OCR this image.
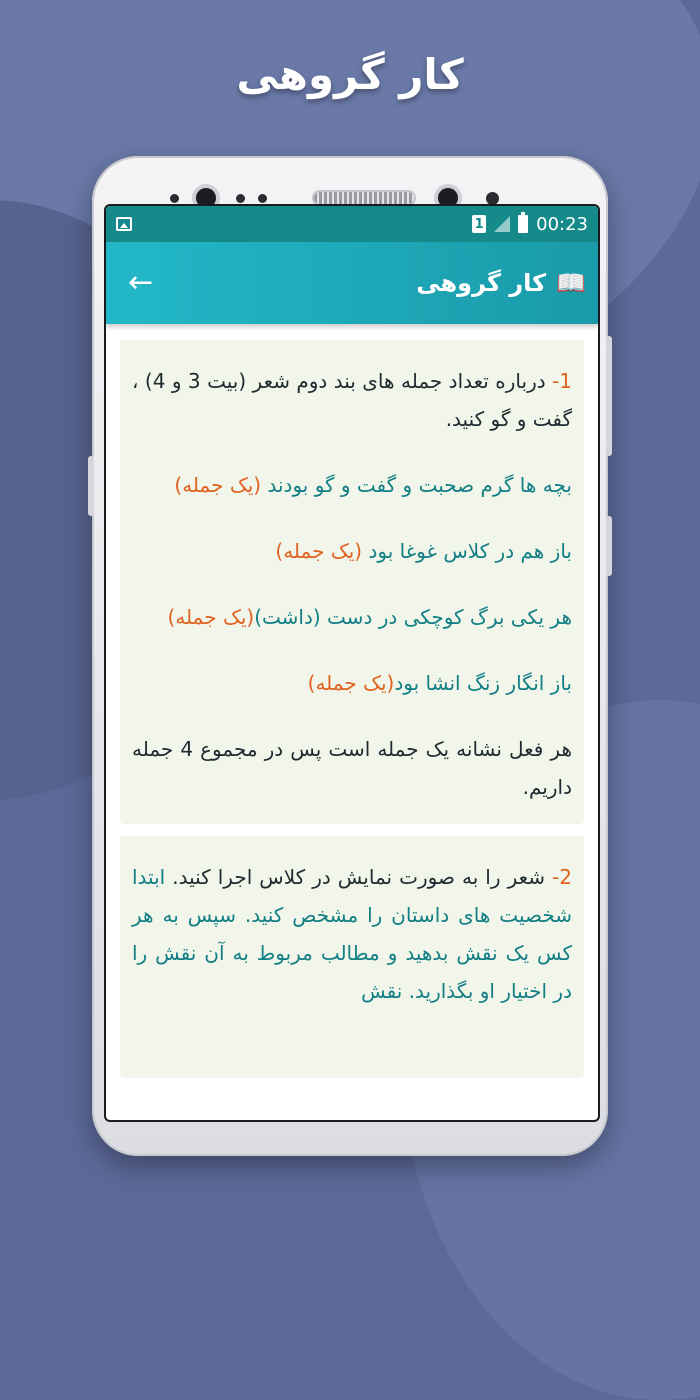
کار گروهی
1	00:23
←	📖
کار گروهی

1- درباره تعداد جمله های بند دوم شعر (بیت 3 و 4) ، گفت و گو کنید.

بچه ها گرم صحبت و گفت و گو بودند (یک جمله)

باز هم در کلاس غوغا بود (یک جمله)

هر یکی برگ کوچکی در دست (داشت)(یک جمله)

باز انگار زنگ انشا بود(یک جمله)

هر فعل نشانه یک جمله است پس در مجموع 4 جمله داریم.

2- شعر را به صورت نمایش در کلاس اجرا کنید. ابتدا شخصیت های داستان را مشخص کنید. سپس به هر کس یک نقش بدهید و مطالب مربوط به آن نقش را در اختیار او بگذارید. نقش
